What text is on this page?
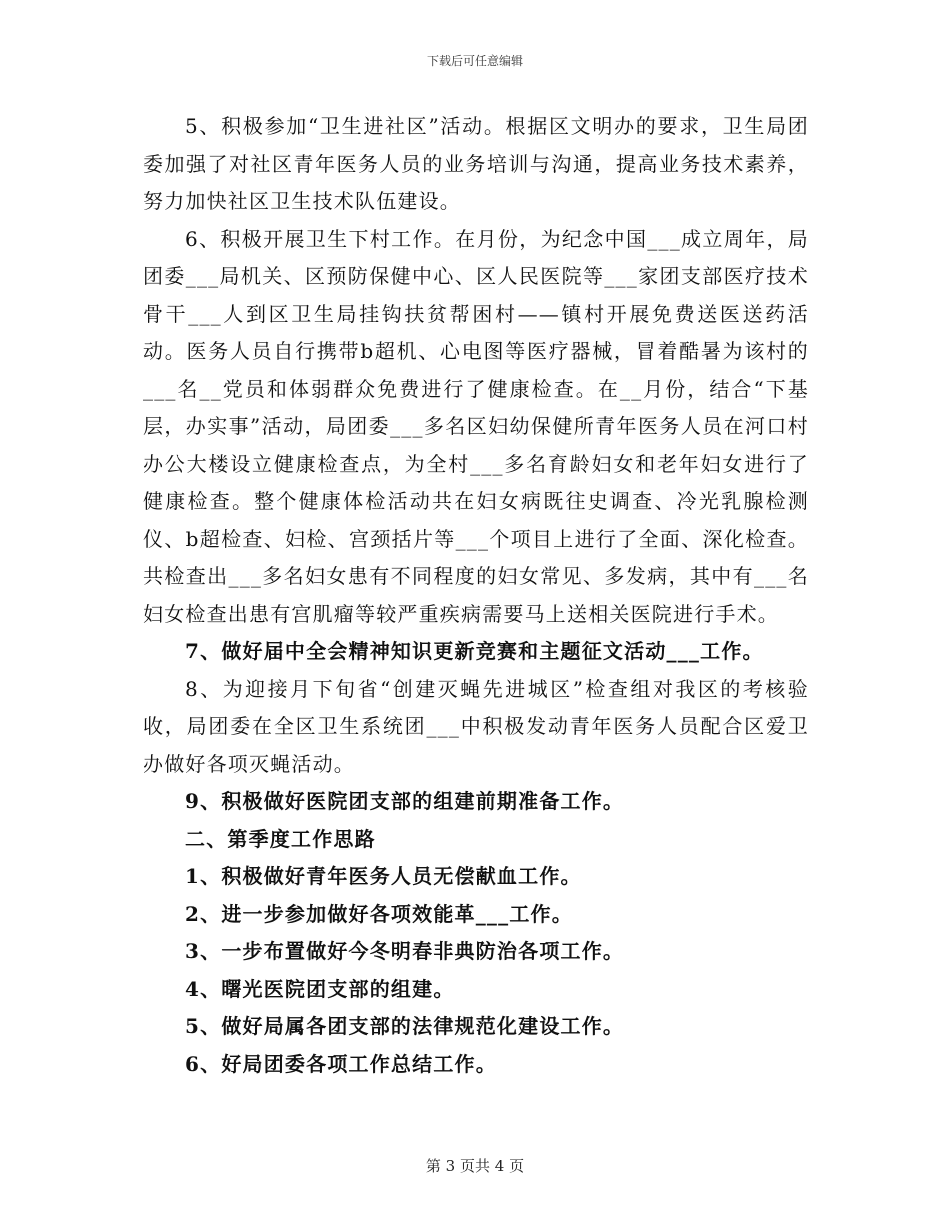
下载后可任意编辑

5、积极参加“卫生进社区”活动。根据区文明办的要求，卫生局团委加强了对社区青年医务人员的业务培训与沟通，提高业务技术素养，努力加快社区卫生技术队伍建设。

6、积极开展卫生下村工作。在月份，为纪念中国___成立周年，局团委___局机关、区预防保健中心、区人民医院等___家团支部医疗技术骨干___人到区卫生局挂钩扶贫帮困村——镇村开展免费送医送药活动。医务人员自行携带b超机、心电图等医疗器械，冒着酷暑为该村的___名__党员和体弱群众免费进行了健康检查。在__月份，结合“下基层，办实事”活动，局团委___多名区妇幼保健所青年医务人员在河口村办公大楼设立健康检查点，为全村___多名育龄妇女和老年妇女进行了健康检查。整个健康体检活动共在妇女病既往史调查、冷光乳腺检测仪、b超检查、妇检、宫颈括片等___个项目上进行了全面、深化检查。共检查出___多名妇女患有不同程度的妇女常见、多发病，其中有___名妇女检查出患有宫肌瘤等较严重疾病需要马上送相关医院进行手术。

7、做好届中全会精神知识更新竞赛和主题征文活动___工作。

8、为迎接月下旬省“创建灭蝇先进城区”检查组对我区的考核验收，局团委在全区卫生系统团___中积极发动青年医务人员配合区爱卫办做好各项灭蝇活动。

9、积极做好医院团支部的组建前期准备工作。

二、第季度工作思路

1、积极做好青年医务人员无偿献血工作。

2、进一步参加做好各项效能革___工作。

3、一步布置做好今冬明春非典防治各项工作。

4、曙光医院团支部的组建。

5、做好局属各团支部的法律规范化建设工作。

6、好局团委各项工作总结工作。

第 3 页共 4 页
